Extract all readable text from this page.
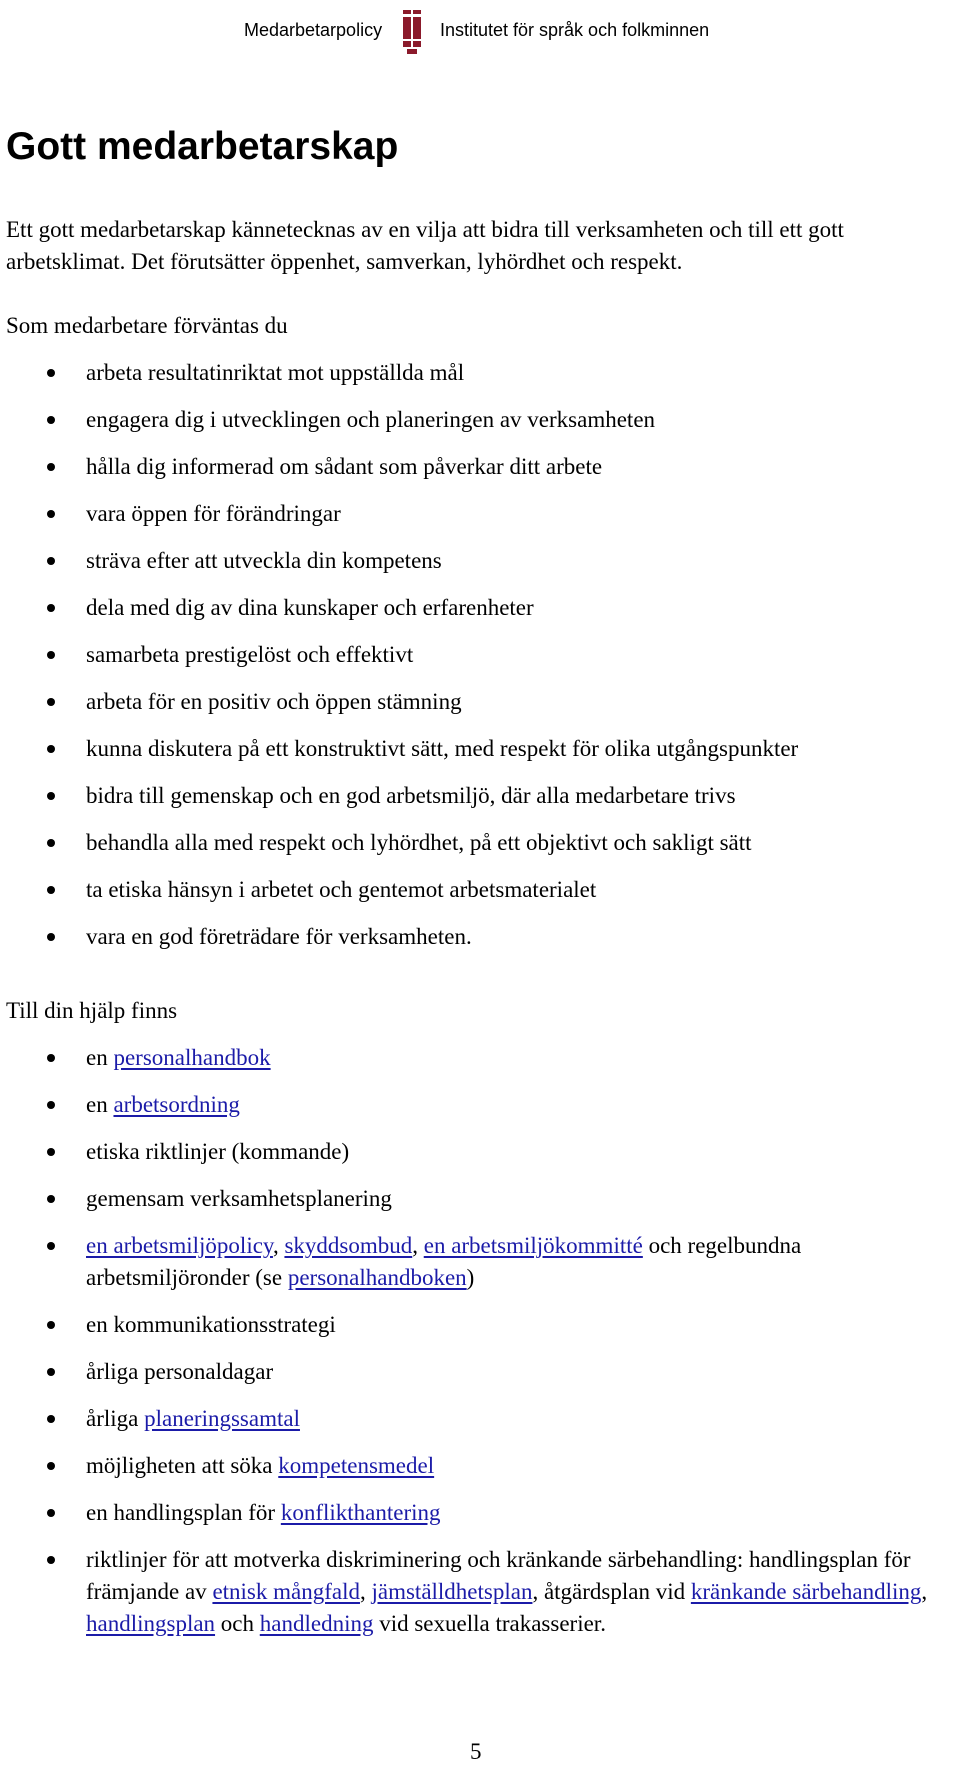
Medarbetarpolicy	Institutet för språk och folkminnen
Gott medarbetarskap

Ett gott medarbetarskap kännetecknas av en vilja att bidra till verksamheten och till ett gott arbetsklimat. Det förutsätter öppenhet, samverkan, lyhördhet och respekt.

Som medarbetare förväntas du

arbeta resultatinriktat mot uppställda mål
engagera dig i utvecklingen och planeringen av verksamheten
hålla dig informerad om sådant som påverkar ditt arbete
vara öppen för förändringar
sträva efter att utveckla din kompetens
dela med dig av dina kunskaper och erfarenheter
samarbeta prestigelöst och effektivt
arbeta för en positiv och öppen stämning
kunna diskutera på ett konstruktivt sätt, med respekt för olika utgångspunkter
bidra till gemenskap och en god arbetsmiljö, där alla medarbetare trivs
behandla alla med respekt och lyhördhet, på ett objektivt och sakligt sätt
ta etiska hänsyn i arbetet och gentemot arbetsmaterialet
vara en god företrädare för verksamheten.

Till din hjälp finns

en personalhandbok
en arbetsordning
etiska riktlinjer (kommande)
gemensam verksamhetsplanering
en arbetsmiljöpolicy, skyddsombud, en arbetsmiljökommitté och regelbundna arbetsmiljöronder (se personalhandboken)
en kommunikationsstrategi
årliga personaldagar
årliga planeringssamtal
möjligheten att söka kompetensmedel
en handlingsplan för konflikthantering
riktlinjer för att motverka diskriminering och kränkande särbehandling: handlingsplan för främjande av etnisk mångfald, jämställdhetsplan, åtgärdsplan vid kränkande särbehandling, handlingsplan och handledning vid sexuella trakasserier.
5
